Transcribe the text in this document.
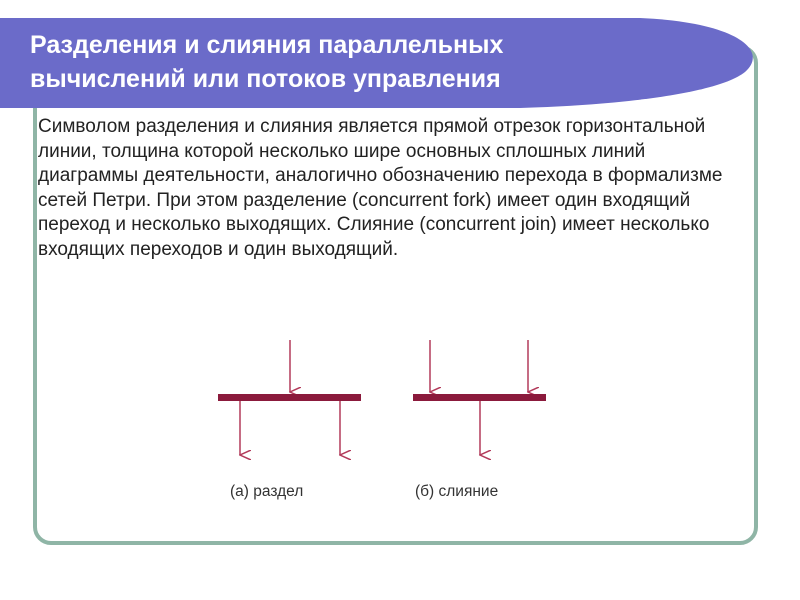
Разделения и слияния параллельных
вычислений или потоков управления
Символом разделения и слияния является прямой отрезок горизонтальной линии, толщина которой несколько шире основных сплошных линий диаграммы деятельности, аналогично обозначению перехода в формализме сетей Петри. При этом разделение (concurrent fork) имеет один входящий переход и несколько выходящих. Слияние (concurrent join) имеет несколько входящих переходов и один выходящий.
(а) раздел	(б) слияние
